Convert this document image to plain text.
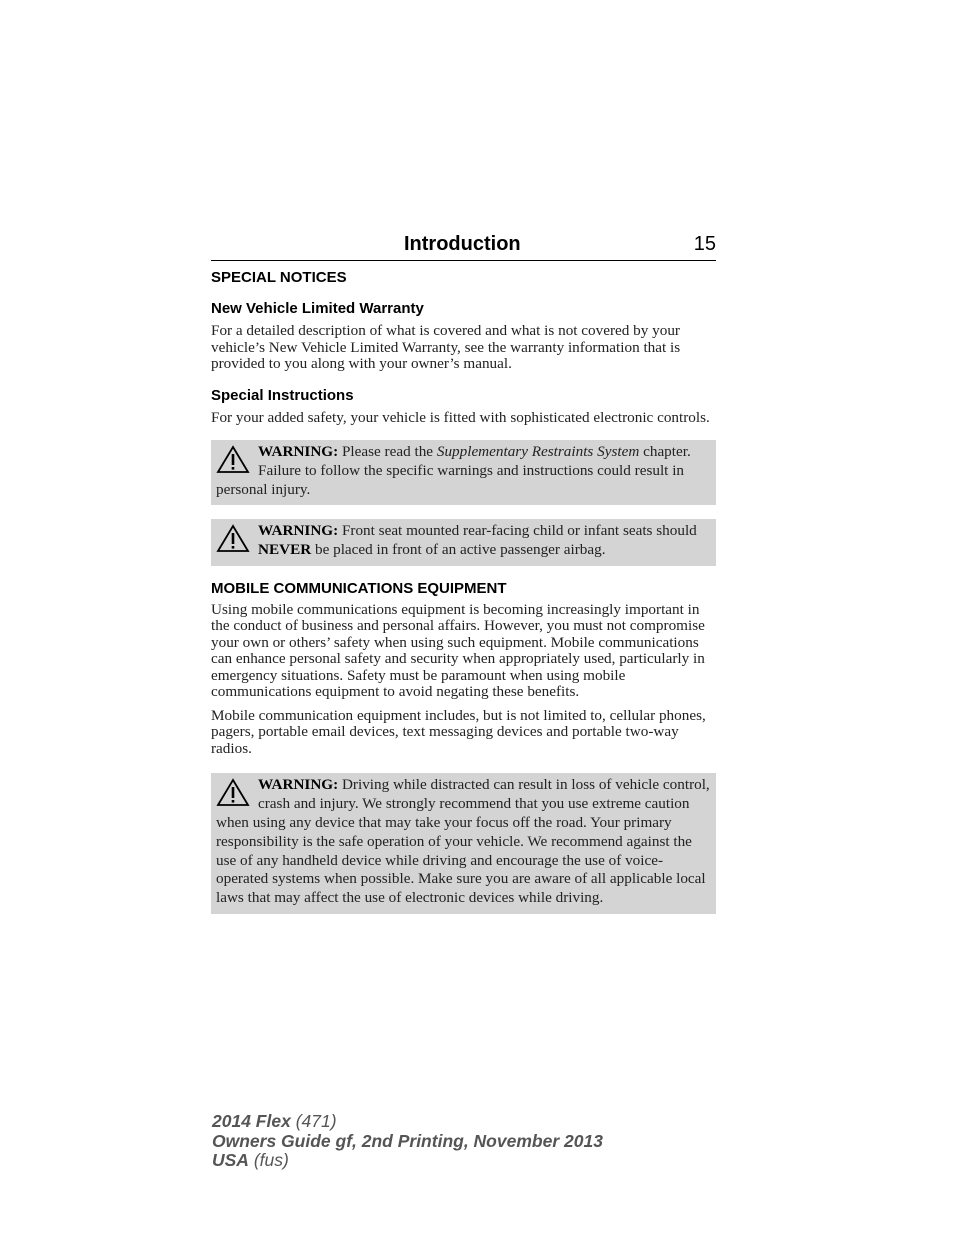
Introduction	15
SPECIAL NOTICES
New Vehicle Limited Warranty

For a detailed description of what is covered and what is not covered by your vehicle’s New Vehicle Limited Warranty, see the warranty information that is provided to you along with your owner’s manual.

Special Instructions

For your added safety, your vehicle is fitted with sophisticated electronic controls.

WARNING: Please read the Supplementary Restraints System chapter. Failure to follow the specific warnings and instructions could result in personal injury.

WARNING: Front seat mounted rear-facing child or infant seats should NEVER be placed in front of an active passenger airbag.

MOBILE COMMUNICATIONS EQUIPMENT

Using mobile communications equipment is becoming increasingly important in the conduct of business and personal affairs. However, you must not compromise your own or others’ safety when using such equipment. Mobile communications can enhance personal safety and security when appropriately used, particularly in emergency situations. Safety must be paramount when using mobile communications equipment to avoid negating these benefits.

Mobile communication equipment includes, but is not limited to, cellular phones, pagers, portable email devices, text messaging devices and portable two-way radios.

WARNING: Driving while distracted can result in loss of vehicle control, crash and injury. We strongly recommend that you use extreme caution when using any device that may take your focus off the road. Your primary responsibility is the safe operation of your vehicle. We recommend against the use of any handheld device while driving and encourage the use of voice-operated systems when possible. Make sure you are aware of all applicable local laws that may affect the use of electronic devices while driving.

2014 Flex (471)
Owners Guide gf, 2nd Printing, November 2013
USA (fus)
